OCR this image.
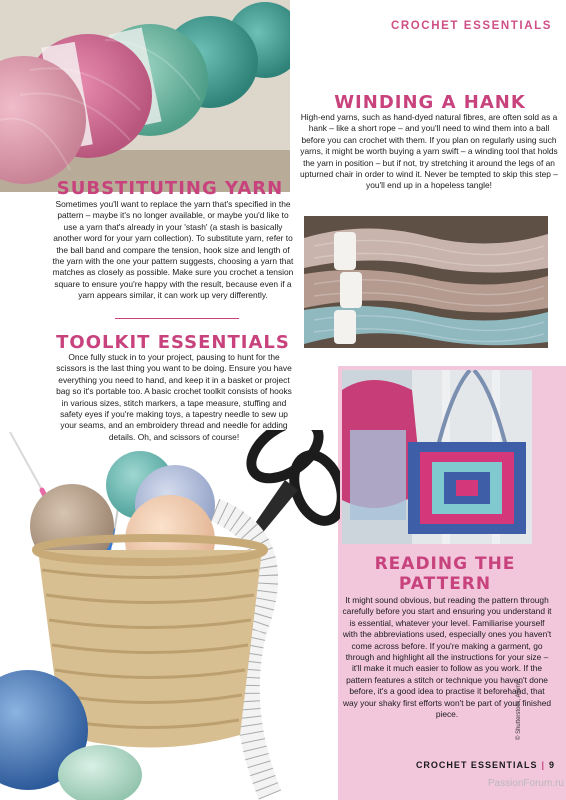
CROCHET ESSENTIALS
WINDING A HANK

High-end yarns, such as hand-dyed natural fibres, are often sold as a hank – like a short rope – and you'll need to wind them into a ball before you can crochet with them. If you plan on regularly using such yarns, it might be worth buying a yarn swift – a winding tool that holds the yarn in position – but if not, try stretching it around the legs of an upturned chair in order to wind it. Never be tempted to skip this step – you'll end up in a hopeless tangle!

SUBSTITUTING YARN

Sometimes you'll want to replace the yarn that's specified in the pattern – maybe it's no longer available, or maybe you'd like to use a yarn that's already in your 'stash' (a stash is basically another word for your yarn collection). To substitute yarn, refer to the ball band and compare the tension, hook size and length of the yarn with the one your pattern suggests, choosing a yarn that matches as closely as possible. Make sure you crochet a tension square to ensure you're happy with the result, because even if a yarn appears similar, it can work up very differently.

TOOLKIT ESSENTIALS

Once fully stuck in to your project, pausing to hunt for the scissors is the last thing you want to be doing. Ensure you have everything you need to hand, and keep it in a basket or project bag so it's portable too. A basic crochet toolkit consists of hooks in various sizes, stitch markers, a tape measure, stuffing and safety eyes if you're making toys, a tapestry needle to sew up your seams, and an embroidery thread and needle for adding details. Oh, and scissors of course!

READING THE PATTERN

It might sound obvious, but reading the pattern through carefully before you start and ensuring you understand it is essential, whatever your level. Familiarise yourself with the abbreviations used, especially ones you haven't come across before. If you're making a garment, go through and highlight all the instructions for your size – it'll make it much easier to follow as you work. If the pattern features a stitch or technique you haven't done before, it's a good idea to practise it beforehand, that way your shaky first efforts won't be part of your finished piece.	© Shutterstock, Alamy
CROCHET ESSENTIALS | 9
PassionForum.ru
